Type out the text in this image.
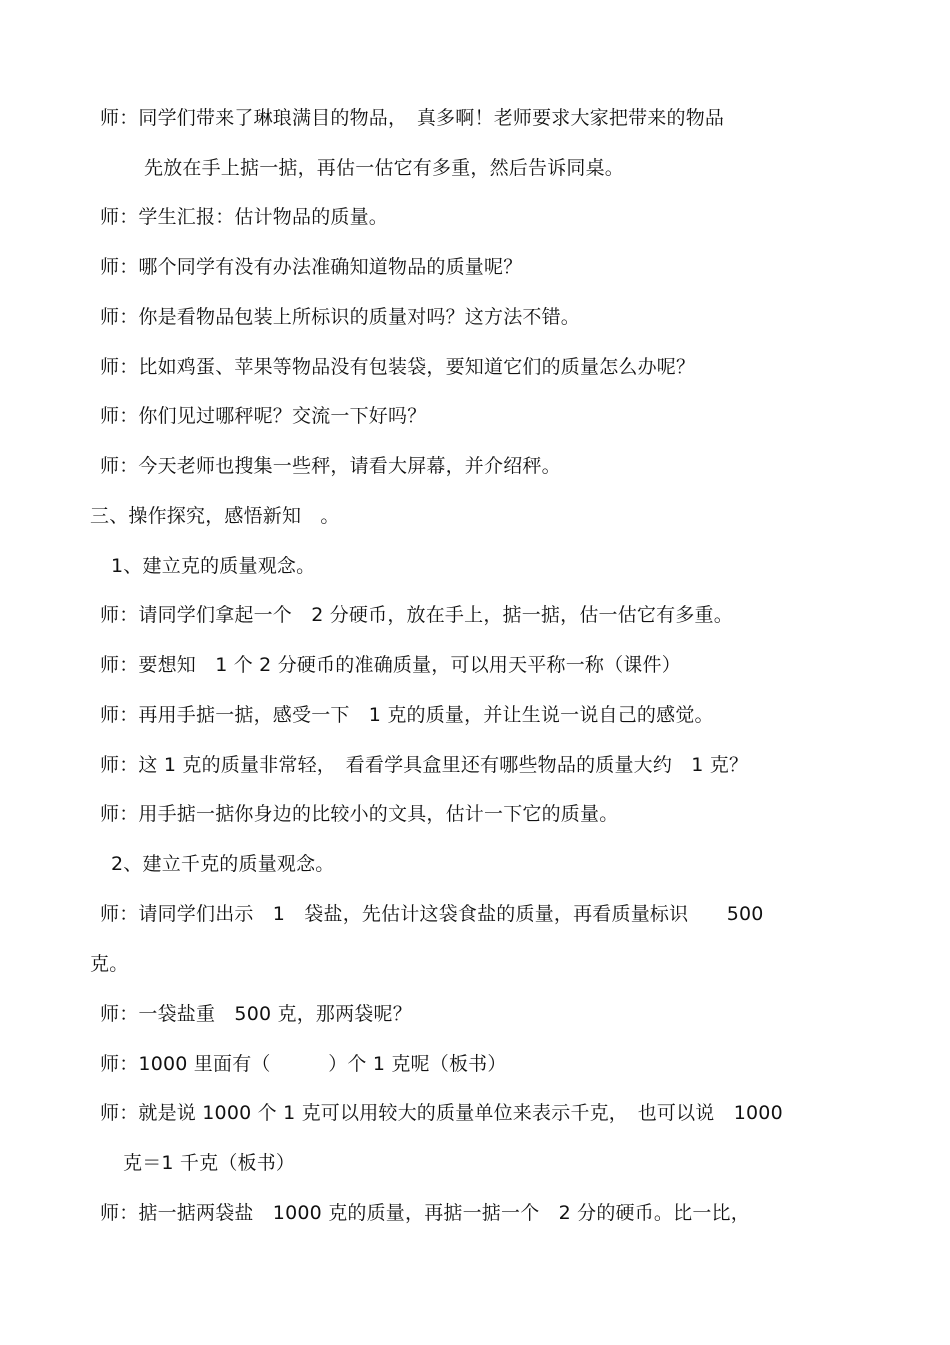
师：同学们带来了琳琅满目的物品，　真多啊！老师要求大家把带来的物品
先放在手上掂一掂，再估一估它有多重，然后告诉同桌。
师：学生汇报：估计物品的质量。
师：哪个同学有没有办法准确知道物品的质量呢？
师：你是看物品包装上所标识的质量对吗？这方法不错。
师：比如鸡蛋、苹果等物品没有包装袋，要知道它们的质量怎么办呢？
师：你们见过哪秤呢？交流一下好吗？
师：今天老师也搜集一些秤，请看大屏幕，并介绍秤。
三、操作探究，感悟新知　。
1、建立克的质量观念。
师：请同学们拿起一个　2 分硬币，放在手上，掂一掂，估一估它有多重。
师：要想知　1 个 2 分硬币的准确质量，可以用天平称一称（课件）
师：再用手掂一掂，感受一下　1 克的质量，并让生说一说自己的感觉。
师：这 1 克的质量非常轻，　看看学具盒里还有哪些物品的质量大约　1 克？
师：用手掂一掂你身边的比较小的文具，估计一下它的质量。
2、建立千克的质量观念。
师：请同学们出示　1　袋盐，先估计这袋食盐的质量，再看质量标识　　500
克。
师：一袋盐重　500 克，那两袋呢？
师：1000 里面有（　　　）个 1 克呢（板书）
师：就是说 1000 个 1 克可以用较大的质量单位来表示千克，　也可以说　1000
克＝1 千克（板书）
师：掂一掂两袋盐　1000 克的质量，再掂一掂一个　2 分的硬币。比一比，
